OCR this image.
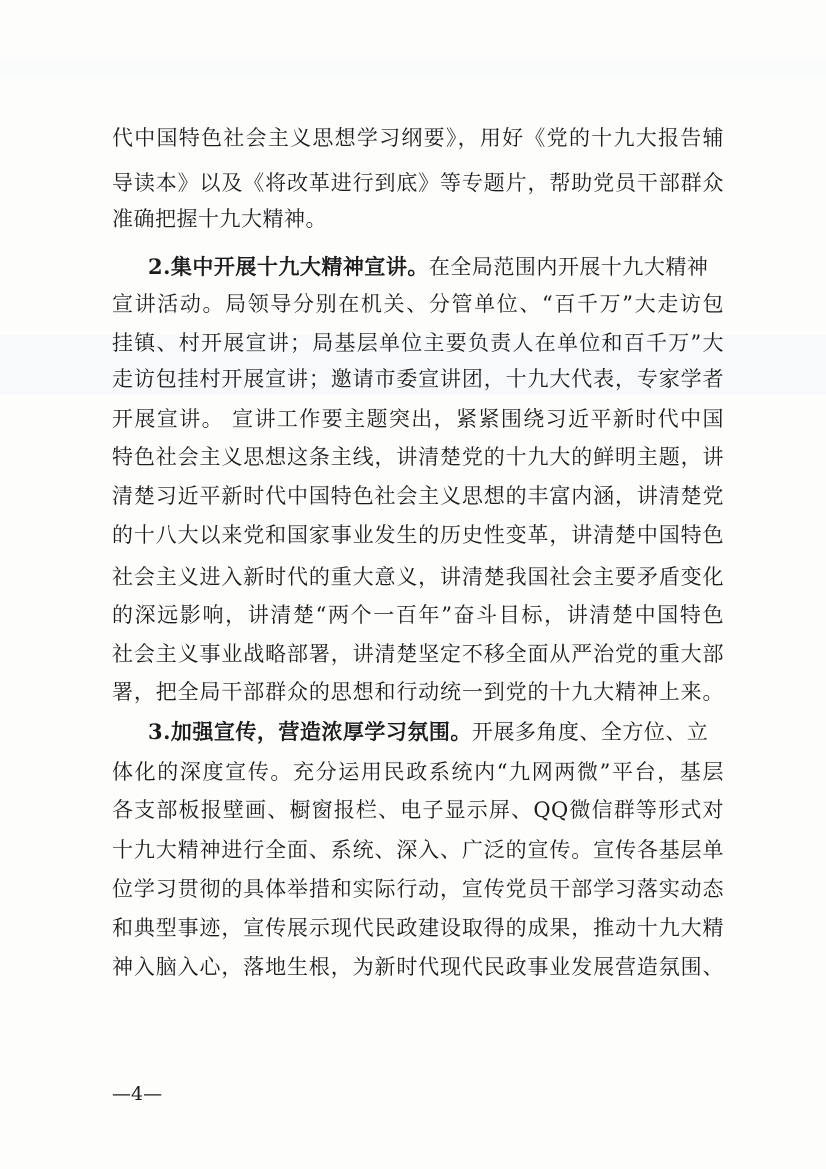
代中国特色社会主义思想学习纲要》，用好《党的十九大报告辅
导读本》以及《将改革进行到底》等专题片，帮助党员干部群众
准确把握十九大精神。
2.集中开展十九大精神宣讲。在全局范围内开展十九大精神
宣讲活动。局领导分别在机关、分管单位、“百千万”大走访包
挂镇、村开展宣讲；局基层单位主要负责人在单位和百千万”大
走访包挂村开展宣讲；邀请市委宣讲团，十九大代表，专家学者
开展宣讲。 宣讲工作要主题突出，紧紧围绕习近平新时代中国
特色社会主义思想这条主线，讲清楚党的十九大的鲜明主题，讲
清楚习近平新时代中国特色社会主义思想的丰富内涵，讲清楚党
的十八大以来党和国家事业发生的历史性变革，讲清楚中国特色
社会主义进入新时代的重大意义，讲清楚我国社会主要矛盾变化
的深远影响，讲清楚“两个一百年”奋斗目标，讲清楚中国特色
社会主义事业战略部署，讲清楚坚定不移全面从严治党的重大部
署，把全局干部群众的思想和行动统一到党的十九大精神上来。
3.加强宣传，营造浓厚学习氛围。开展多角度、全方位、立
体化的深度宣传。充分运用民政系统内“九网两微”平台，基层
各支部板报壁画、橱窗报栏、电子显示屏、QQ微信群等形式对
十九大精神进行全面、系统、深入、广泛的宣传。宣传各基层单
位学习贯彻的具体举措和实际行动，宣传党员干部学习落实动态
和典型事迹，宣传展示现代民政建设取得的成果，推动十九大精
神入脑入心，落地生根，为新时代现代民政事业发展营造氛围、
—4—
